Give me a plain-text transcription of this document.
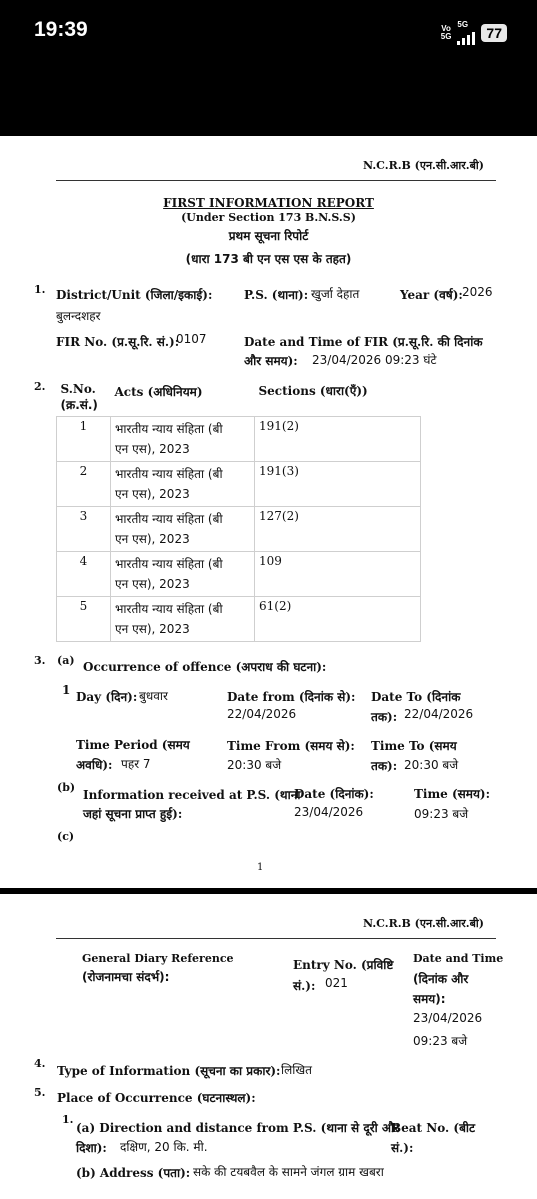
19:39	Vo
5G
5G	77
N.C.R.B (एन.सी.आर.बी)
FIRST INFORMATION REPORT
(Under Section 173 B.N.S.S)
प्रथम सूचना रिपोर्ट
(धारा 173 बी एन एस एस के तहत)
1. District/Unit (जिला/इकाई):
बुलन्दशहर
P.S. (थाना): खुर्जा देहात	Year (वर्ष): 2026
FIR No. (प्र.सू.रि. सं.):
0107	Date and Time of FIR (प्र.सू.रि. की दिनांक
और समय): 23/04/2026 09:23 घंटे
2. S.No.
(क्र.सं.)	Acts (अधिनियम)	Sections (धारा(एँ))
1	भारतीय न्याय संहिता (बी
एन एस), 2023	191(2)
2	भारतीय न्याय संहिता (बी
एन एस), 2023	191(3)
3	भारतीय न्याय संहिता (बी
एन एस), 2023	127(2)
4	भारतीय न्याय संहिता (बी
एन एस), 2023	109
5	भारतीय न्याय संहिता (बी
एन एस), 2023	61(2)
3. (a) Occurrence of offence (अपराध की घटना):
1 Day (दिन): बुधवार	Date from (दिनांक से):
22/04/2026
Date To (दिनांक
तक): 22/04/2026
Time Period (समय
अवधि): पहर 7
Time From (समय से):
20:30 बजे
Time To (समय
तक): 20:30 बजे
(b)
Information received at P.S. (थाना
जहां सूचना प्राप्त हुई):
Date (दिनांक):
23/04/2026
Time (समय):
09:23 बजे
(c)
1
N.C.R.B (एन.सी.आर.बी)
General Diary Reference
(रोजनामचा संदर्भ):
Entry No. (प्रविष्टि
सं.): 021
Date and Time
(दिनांक और
समय):
23/04/2026
09:23 बजे
4.
Type of Information (सूचना का प्रकार): लिखित
5. Place of Occurrence (घटनास्थल):
1.
(a) Direction and distance from P.S. (थाना से दूरी और
दिशा): दक्षिण, 20 कि. मी.
Beat No. (बीट
सं.):
(b) Address (पता): सके की टयबवैल के सामने जंगल ग्राम खबरा
